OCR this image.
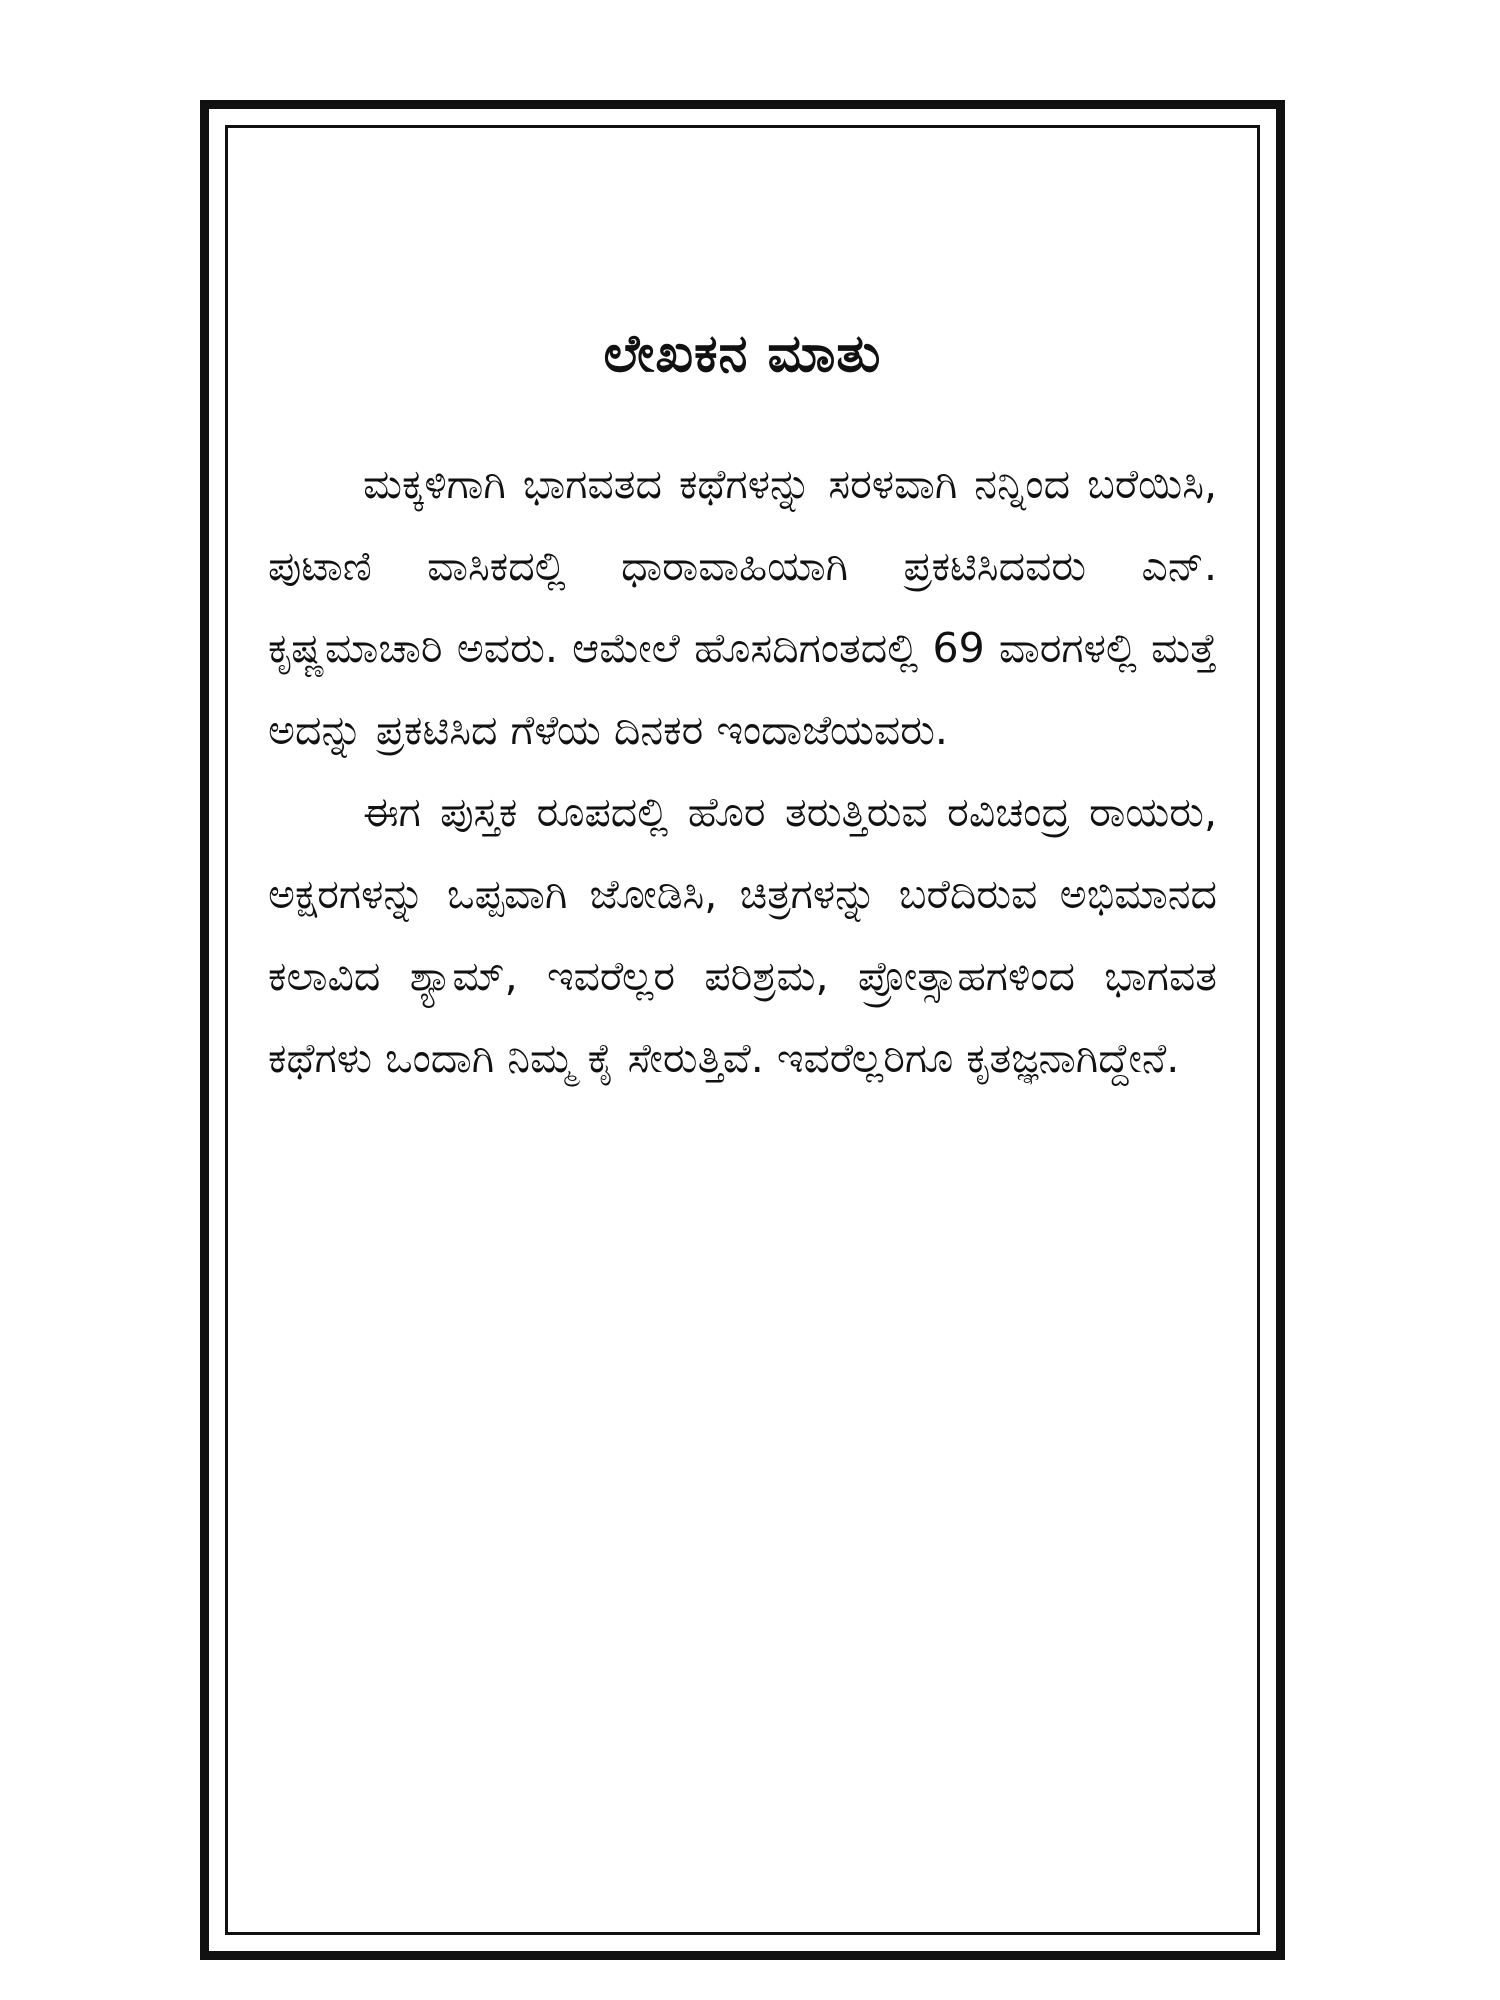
ಲೇಖಕನ ಮಾತು

ಮಕ್ಕಳಿಗಾಗಿ ಭಾಗವತದ ಕಥೆಗಳನ್ನು ಸರಳವಾಗಿ ನನ್ನಿಂದ ಬರೆಯಿಸಿ, ಪುಟಾಣಿ ವಾಸಿಕದಲ್ಲಿ ಧಾರಾವಾಹಿಯಾಗಿ ಪ್ರಕಟಿಸಿದವರು ಎನ್. ಕೃಷ್ಣಮಾಚಾರಿ ಅವರು. ಆಮೇಲೆ ಹೊಸದಿಗಂತದಲ್ಲಿ 69 ವಾರಗಳಲ್ಲಿ ಮತ್ತೆ ಅದನ್ನು ಪ್ರಕಟಿಸಿದ ಗೆಳೆಯ ದಿನಕರ ಇಂದಾಜೆಯವರು.

ಈಗ ಪುಸ್ತಕ ರೂಪದಲ್ಲಿ ಹೊರ ತರುತ್ತಿರುವ ರವಿಚಂದ್ರ ರಾಯರು, ಅಕ್ಷರಗಳನ್ನು ಒಪ್ಪವಾಗಿ ಜೋಡಿಸಿ, ಚಿತ್ರಗಳನ್ನು ಬರೆದಿರುವ ಅಭಿಮಾನದ ಕಲಾವಿದ ಶ್ಯಾಮ್, ಇವರೆಲ್ಲರ ಪರಿಶ್ರಮ, ಪ್ರೋತ್ಸಾಹಗಳಿಂದ ಭಾಗವತ ಕಥೆಗಳು ಒಂದಾಗಿ ನಿಮ್ಮ ಕೈ ಸೇರುತ್ತಿವೆ. ಇವರೆಲ್ಲರಿಗೂ ಕೃತಜ್ಞನಾಗಿದ್ದೇನೆ.
